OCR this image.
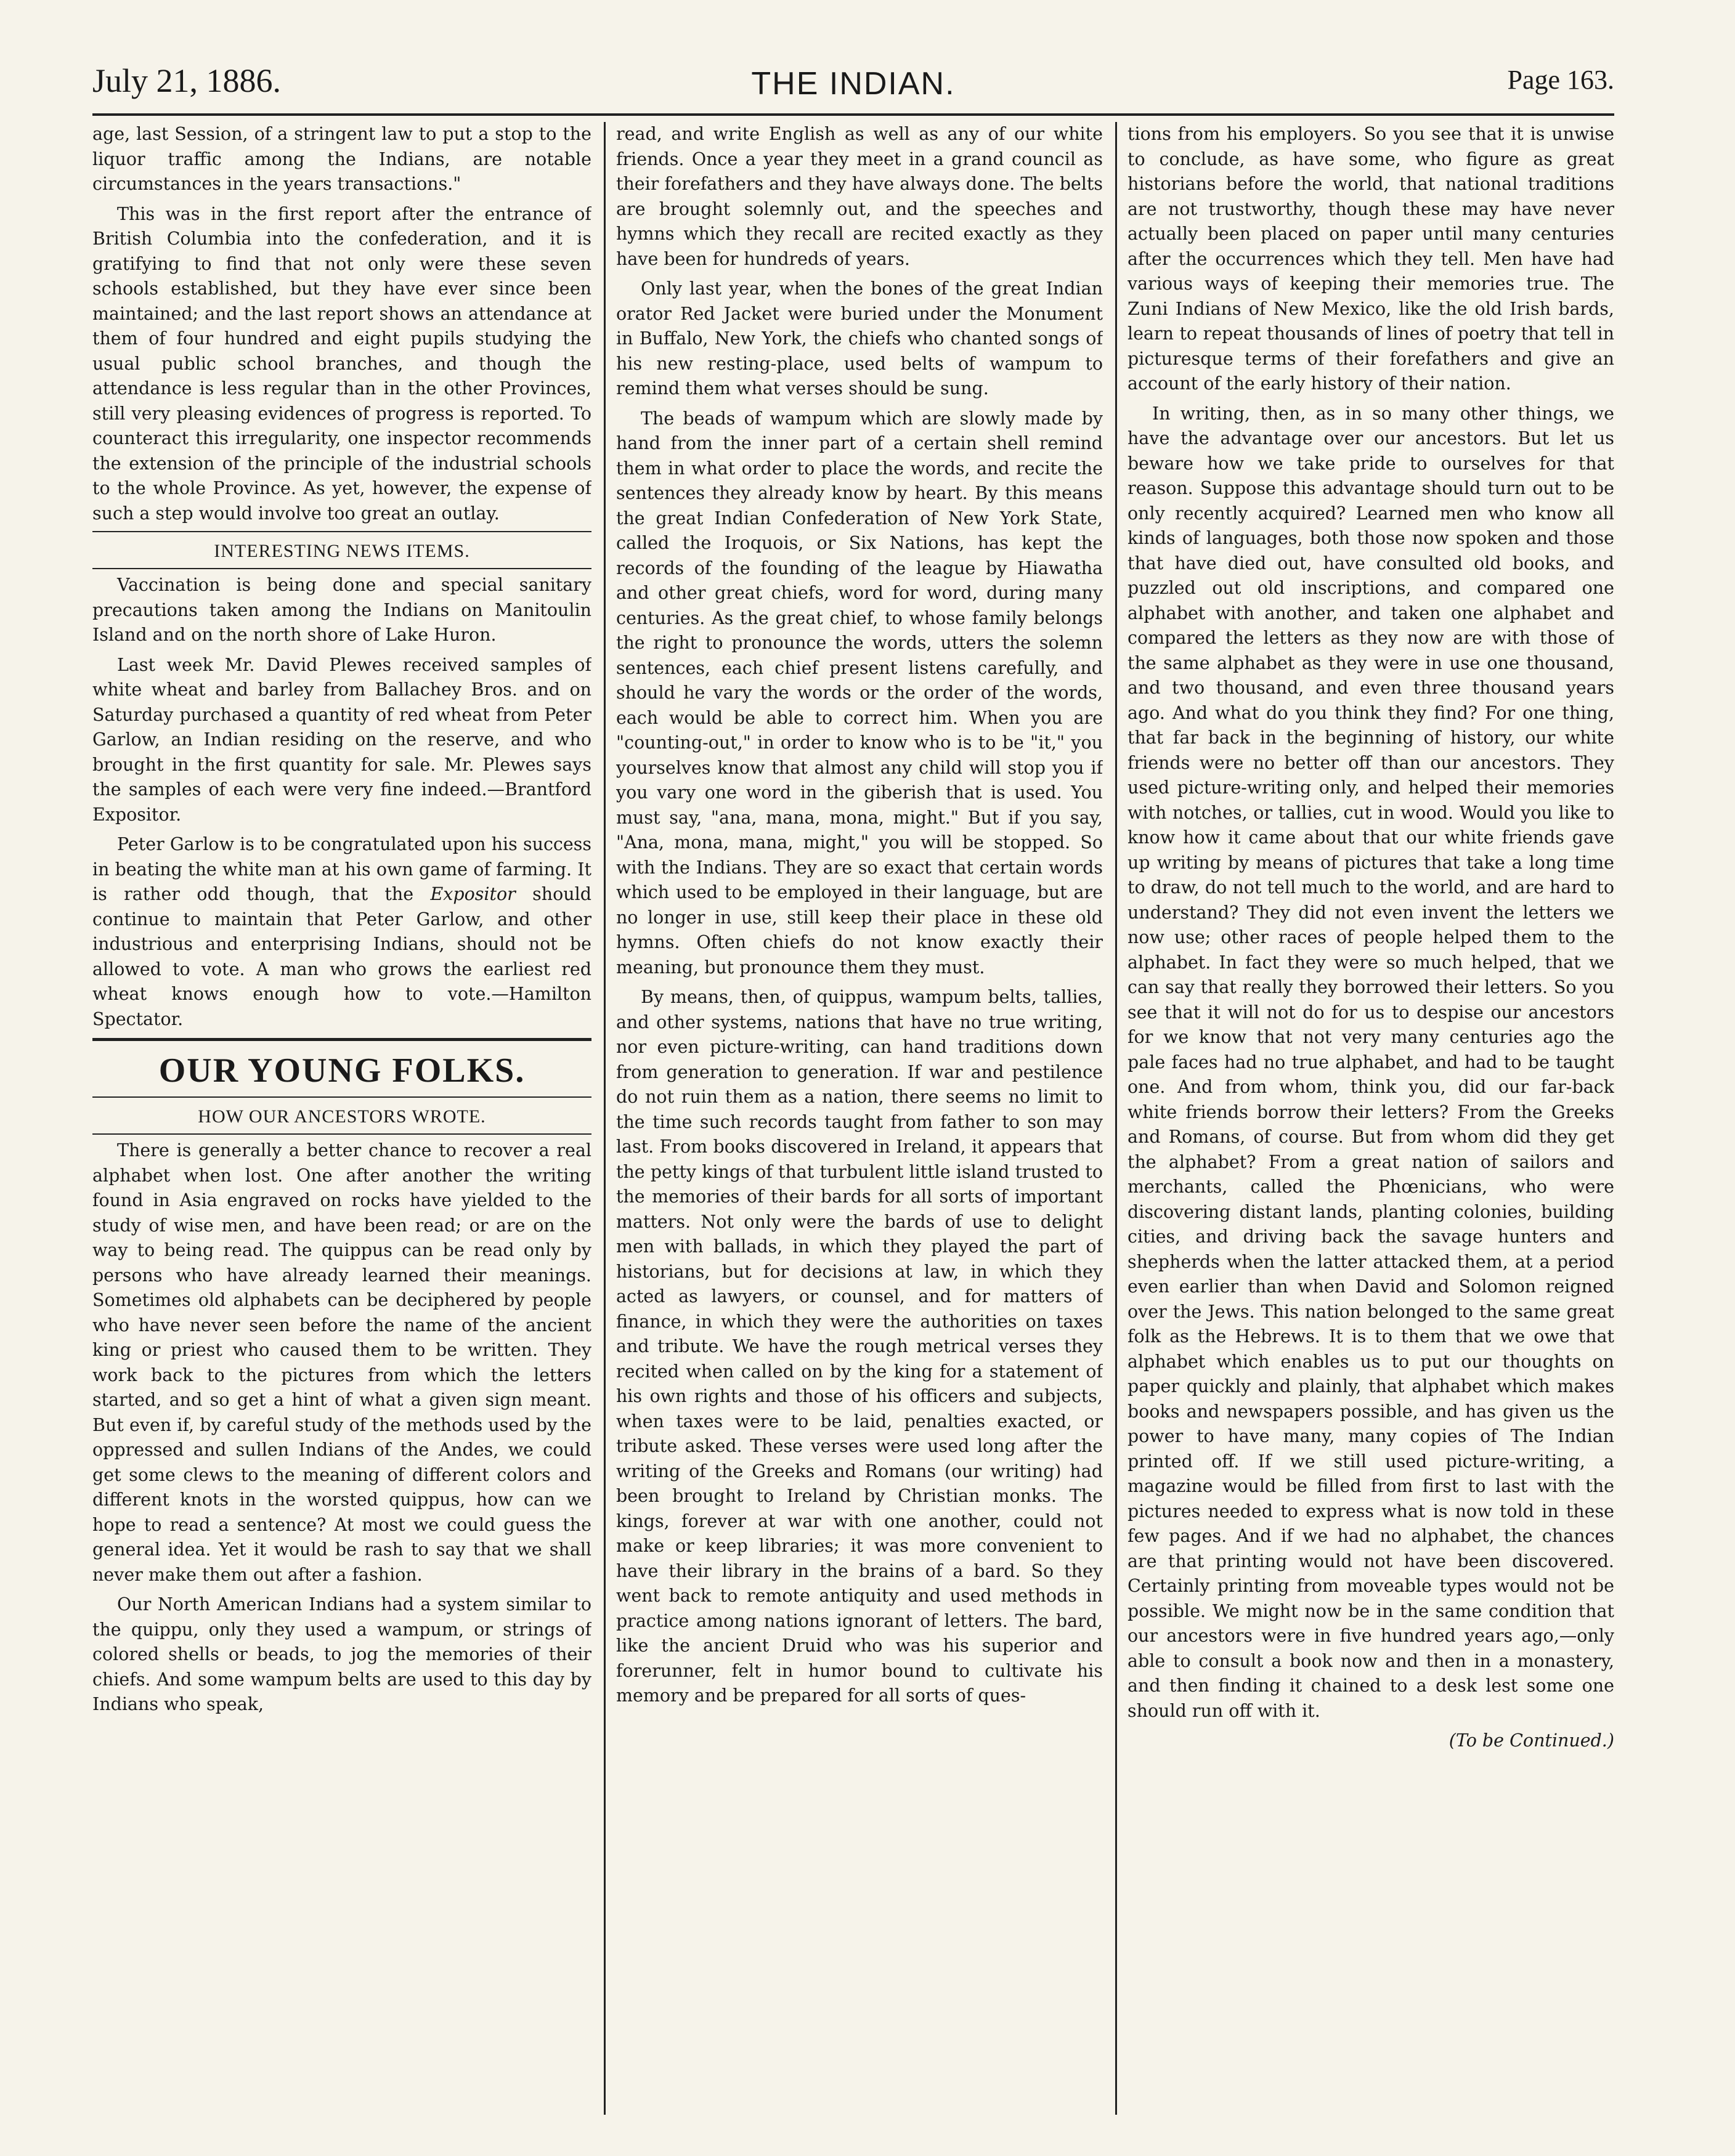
July 21, 1886.	THE INDIAN.	Page 163.

age, last Session, of a stringent law to put a stop to the liquor traffic among the Indians, are notable circumstances in the years transactions."

This was in the first report after the entrance of British Columbia into the confederation, and it is gratifying to find that not only were these seven schools established, but they have ever since been maintained; and the last report shows an attendance at them of four hundred and eight pupils studying the usual public school branches, and though the attendance is less regular than in the other Provinces, still very pleasing evidences of progress is reported. To counteract this irregularity, one inspector recommends the extension of the principle of the industrial schools to the whole Province. As yet, however, the expense of such a step would involve too great an outlay.

INTERESTING NEWS ITEMS.

Vaccination is being done and special sanitary precautions taken among the Indians on Manitoulin Island and on the north shore of Lake Huron.

Last week Mr. David Plewes received samples of white wheat and barley from Ballachey Bros. and on Saturday purchased a quantity of red wheat from Peter Garlow, an Indian residing on the reserve, and who brought in the first quantity for sale. Mr. Plewes says the samples of each were very fine indeed.—Brantford Expositor.

Peter Garlow is to be congratulated upon his success in beating the white man at his own game of farming. It is rather odd though, that the Expositor should continue to maintain that Peter Garlow, and other industrious and enterprising Indians, should not be allowed to vote. A man who grows the earliest red wheat knows enough how to vote.—Hamilton Spectator.

OUR YOUNG FOLKS.
HOW OUR ANCESTORS WROTE.

There is generally a better chance to recover a real alphabet when lost. One after another the writing found in Asia engraved on rocks have yielded to the study of wise men, and have been read; or are on the way to being read. The quippus can be read only by persons who have already learned their meanings. Sometimes old alphabets can be deciphered by people who have never seen before the name of the ancient king or priest who caused them to be written. They work back to the pictures from which the letters started, and so get a hint of what a given sign meant. But even if, by careful study of the methods used by the oppressed and sullen Indians of the Andes, we could get some clews to the meaning of different colors and different knots in the worsted quippus, how can we hope to read a sentence? At most we could guess the general idea. Yet it would be rash to say that we shall never make them out after a fashion.

Our North American Indians had a system similar to the quippu, only they used a wampum, or strings of colored shells or beads, to jog the memories of their chiefs. And some wampum belts are used to this day by Indians who speak,

read, and write English as well as any of our white friends. Once a year they meet in a grand council as their forefathers and they have always done. The belts are brought solemnly out, and the speeches and hymns which they recall are recited exactly as they have been for hundreds of years.

Only last year, when the bones of the great Indian orator Red Jacket were buried under the Monument in Buffalo, New York, the chiefs who chanted songs of his new resting-place, used belts of wampum to remind them what verses should be sung.

The beads of wampum which are slowly made by hand from the inner part of a certain shell remind them in what order to place the words, and recite the sentences they already know by heart. By this means the great Indian Confederation of New York State, called the Iroquois, or Six Nations, has kept the records of the founding of the league by Hiawatha and other great chiefs, word for word, during many centuries. As the great chief, to whose family belongs the right to pronounce the words, utters the solemn sentences, each chief present listens carefully, and should he vary the words or the order of the words, each would be able to correct him. When you are "counting-out," in order to know who is to be "it," you yourselves know that almost any child will stop you if you vary one word in the giberish that is used. You must say, "ana, mana, mona, might." But if you say, "Ana, mona, mana, might," you will be stopped. So with the Indians. They are so exact that certain words which used to be employed in their language, but are no longer in use, still keep their place in these old hymns. Often chiefs do not know exactly their meaning, but pronounce them they must.

By means, then, of quippus, wampum belts, tallies, and other systems, nations that have no true writing, nor even picture-writing, can hand traditions down from generation to generation. If war and pestilence do not ruin them as a nation, there seems no limit to the time such records taught from father to son may last. From books discovered in Ireland, it appears that the petty kings of that turbulent little island trusted to the memories of their bards for all sorts of important matters. Not only were the bards of use to delight men with ballads, in which they played the part of historians, but for decisions at law, in which they acted as lawyers, or counsel, and for matters of finance, in which they were the authorities on taxes and tribute. We have the rough metrical verses they recited when called on by the king for a statement of his own rights and those of his officers and subjects, when taxes were to be laid, penalties exacted, or tribute asked. These verses were used long after the writing of the Greeks and Romans (our writing) had been brought to Ireland by Christian monks. The kings, forever at war with one another, could not make or keep libraries; it was more convenient to have their library in the brains of a bard. So they went back to remote antiquity and used methods in practice among nations ignorant of letters. The bard, like the ancient Druid who was his superior and forerunner, felt in humor bound to cultivate his memory and be prepared for all sorts of ques-

tions from his employers. So you see that it is unwise to conclude, as have some, who figure as great historians before the world, that national traditions are not trustworthy, though these may have never actually been placed on paper until many centuries after the occurrences which they tell. Men have had various ways of keeping their memories true. The Zuni Indians of New Mexico, like the old Irish bards, learn to repeat thousands of lines of poetry that tell in picturesque terms of their forefathers and give an account of the early history of their nation.

In writing, then, as in so many other things, we have the advantage over our ancestors. But let us beware how we take pride to ourselves for that reason. Suppose this advantage should turn out to be only recently acquired? Learned men who know all kinds of languages, both those now spoken and those that have died out, have consulted old books, and puzzled out old inscriptions, and compared one alphabet with another, and taken one alphabet and compared the letters as they now are with those of the same alphabet as they were in use one thousand, and two thousand, and even three thousand years ago. And what do you think they find? For one thing, that far back in the beginning of history, our white friends were no better off than our ancestors. They used picture-writing only, and helped their memories with notches, or tallies, cut in wood. Would you like to know how it came about that our white friends gave up writing by means of pictures that take a long time to draw, do not tell much to the world, and are hard to understand? They did not even invent the letters we now use; other races of people helped them to the alphabet. In fact they were so much helped, that we can say that really they borrowed their letters. So you see that it will not do for us to despise our ancestors for we know that not very many centuries ago the pale faces had no true alphabet, and had to be taught one. And from whom, think you, did our far-back white friends borrow their letters? From the Greeks and Romans, of course. But from whom did they get the alphabet? From a great nation of sailors and merchants, called the Phœnicians, who were discovering distant lands, planting colonies, building cities, and driving back the savage hunters and shepherds when the latter attacked them, at a period even earlier than when David and Solomon reigned over the Jews. This nation belonged to the same great folk as the Hebrews. It is to them that we owe that alphabet which enables us to put our thoughts on paper quickly and plainly, that alphabet which makes books and newspapers possible, and has given us the power to have many, many copies of The Indian printed off. If we still used picture-writing, a magazine would be filled from first to last with the pictures needed to express what is now told in these few pages. And if we had no alphabet, the chances are that printing would not have been discovered. Certainly printing from moveable types would not be possible. We might now be in the same condition that our ancestors were in five hundred years ago,—only able to consult a book now and then in a monastery, and then finding it chained to a desk lest some one should run off with it.

(To be Continued.)
